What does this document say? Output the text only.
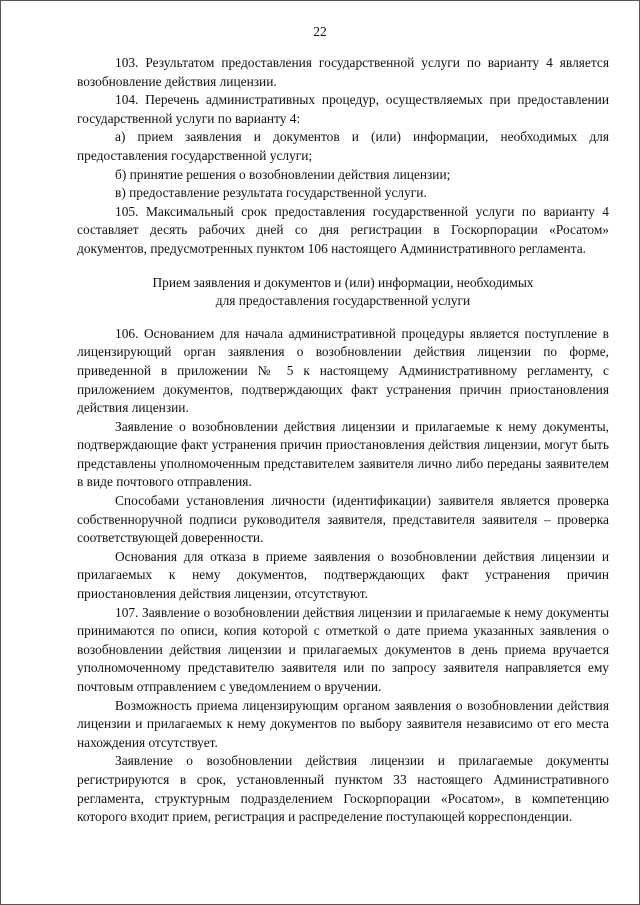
22

103. Результатом предоставления государственной услуги по варианту 4 является возобновление действия лицензии.

104. Перечень административных процедур, осуществляемых при предоставлении государственной услуги по варианту 4:

а) прием заявления и документов и (или) информации, необходимых для предоставления государственной услуги;

б) принятие решения о возобновлении действия лицензии;

в) предоставление результата государственной услуги.

105. Максимальный срок предоставления государственной услуги по варианту 4 составляет десять рабочих дней со дня регистрации в Госкорпорации «Росатом» документов, предусмотренных пунктом 106 настоящего Административного регламента.

Прием заявления и документов и (или) информации, необходимых
для предоставления государственной услуги

106. Основанием для начала административной процедуры является поступление в лицензирующий орган заявления о возобновлении действия лицензии по форме, приведенной в приложении № 5 к настоящему Административному регламенту, с приложением документов, подтверждающих факт устранения причин приостановления действия лицензии.

Заявление о возобновлении действия лицензии и прилагаемые к нему документы, подтверждающие факт устранения причин приостановления действия лицензии, могут быть представлены уполномоченным представителем заявителя лично либо переданы заявителем в виде почтового отправления.

Способами установления личности (идентификации) заявителя является проверка собственноручной подписи руководителя заявителя, представителя заявителя – проверка соответствующей доверенности.

Основания для отказа в приеме заявления о возобновлении действия лицензии и прилагаемых к нему документов, подтверждающих факт устранения причин приостановления действия лицензии, отсутствуют.

107. Заявление о возобновлении действия лицензии и прилагаемые к нему документы принимаются по описи, копия которой с отметкой о дате приема указанных заявления о возобновлении действия лицензии и прилагаемых документов в день приема вручается уполномоченному представителю заявителя или по запросу заявителя направляется ему почтовым отправлением с уведомлением о вручении.

Возможность приема лицензирующим органом заявления о возобновлении действия лицензии и прилагаемых к нему документов по выбору заявителя независимо от его места нахождения отсутствует.

Заявление о возобновлении действия лицензии и прилагаемые документы регистрируются в срок, установленный пунктом 33 настоящего Административного регламента, структурным подразделением Госкорпорации «Росатом», в компетенцию которого входит прием, регистрация и распределение поступающей корреспонденции.
